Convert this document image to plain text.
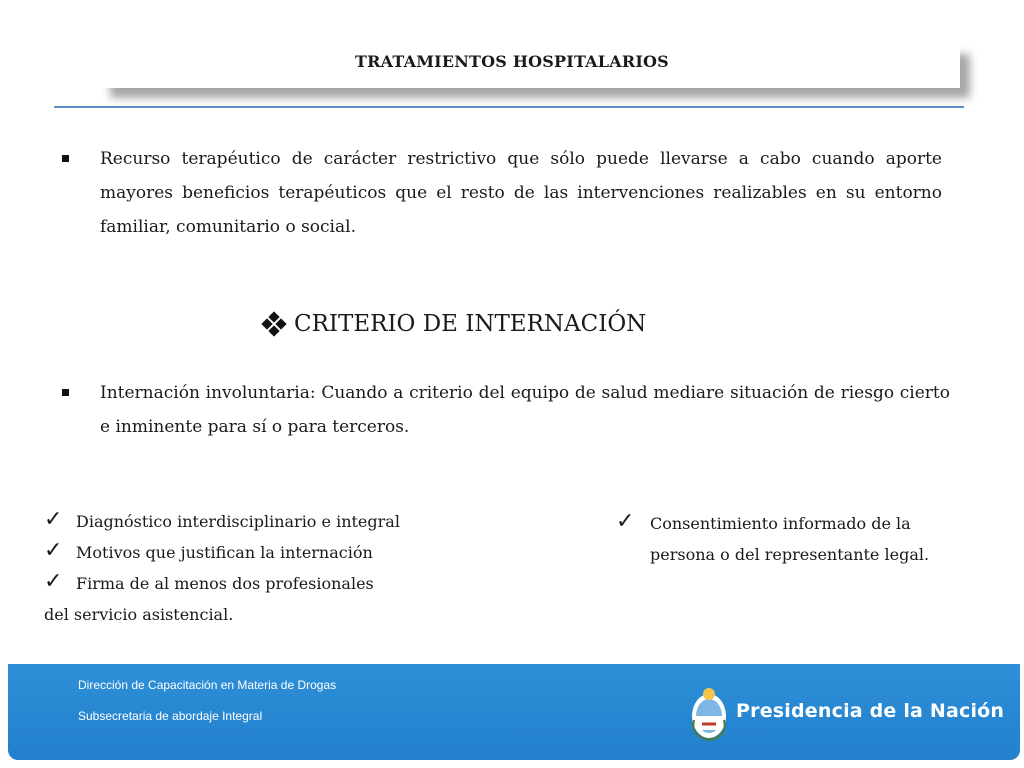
TRATAMIENTOS HOSPITALARIOS
Recurso terapéutico de carácter restrictivo que sólo puede llevarse a cabo cuando aporte mayores beneficios terapéuticos que el resto de las intervenciones realizables en su entorno familiar, comunitario o social.
CRITERIO DE INTERNACIÓN
Internación involuntaria: Cuando a criterio del equipo de salud mediare situación de riesgo cierto e inminente para sí o para terceros.
✓ Diagnóstico interdisciplinario e integral
✓ Motivos que justifican la internación
✓ Firma de al menos dos profesionales
del servicio asistencial.
✓ Consentimiento informado de la persona o del representante legal.
Dirección de Capacitación en Materia de Drogas
Subsecretaria de abordaje Integral	Presidencia de la Nación
